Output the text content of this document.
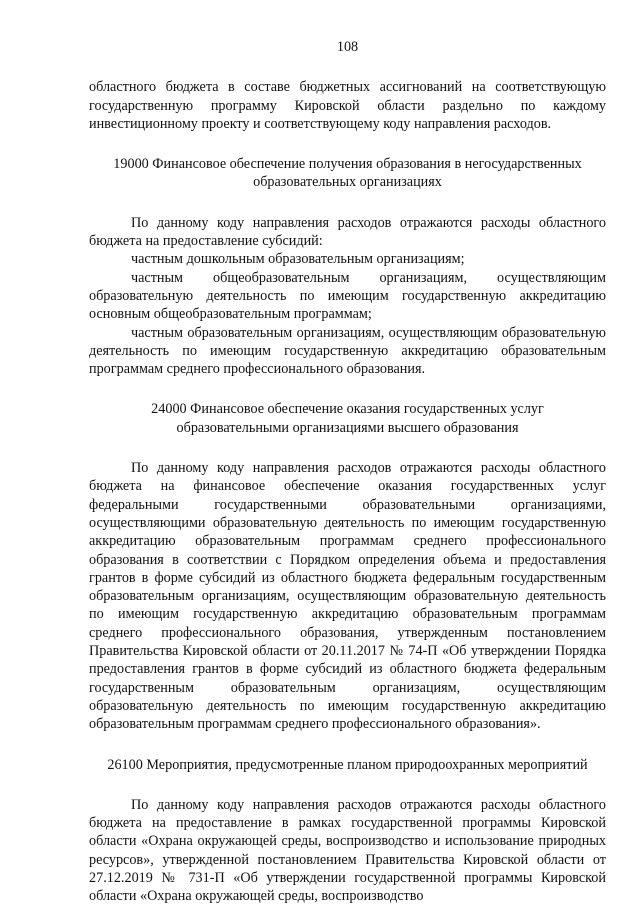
108

областного бюджета в составе бюджетных ассигнований на соответствующую государственную программу Кировской области раздельно по каждому инвестиционному проекту и соответствующему коду направления расходов.

19000 Финансовое обеспечение получения образования в негосударственных образовательных организациях

По данному коду направления расходов отражаются расходы областного бюджета на предоставление субсидий:

частным дошкольным образовательным организациям;

частным общеобразовательным организациям, осуществляющим образовательную деятельность по имеющим государственную аккредитацию основным общеобразовательным программам;

частным образовательным организациям, осуществляющим образовательную деятельность по имеющим государственную аккредитацию образовательным программам среднего профессионального образования.

24000 Финансовое обеспечение оказания государственных услуг образовательными организациями высшего образования

По данному коду направления расходов отражаются расходы областного бюджета на финансовое обеспечение оказания государственных услуг федеральными государственными образовательными организациями, осуществляющими образовательную деятельность по имеющим государственную аккредитацию образовательным программам среднего профессионального образования в соответствии с Порядком определения объема и предоставления грантов в форме субсидий из областного бюджета федеральным государственным образовательным организациям, осуществляющим образовательную деятельность по имеющим государственную аккредитацию образовательным программам среднего профессионального образования, утвержденным постановлением Правительства Кировской области от 20.11.2017 № 74-П «Об утверждении Порядка предоставления грантов в форме субсидий из областного бюджета федеральным государственным образовательным организациям, осуществляющим образовательную деятельность по имеющим государственную аккредитацию образовательным программам среднего профессионального образования».

26100 Мероприятия, предусмотренные планом природоохранных мероприятий

По данному коду направления расходов отражаются расходы областного бюджета на предоставление в рамках государственной программы Кировской области «Охрана окружающей среды, воспроизводство и использование природных ресурсов», утвержденной постановлением Правительства Кировской области от 27.12.2019 № 731-П «Об утверждении государственной программы Кировской области «Охрана окружающей среды, воспроизводство
